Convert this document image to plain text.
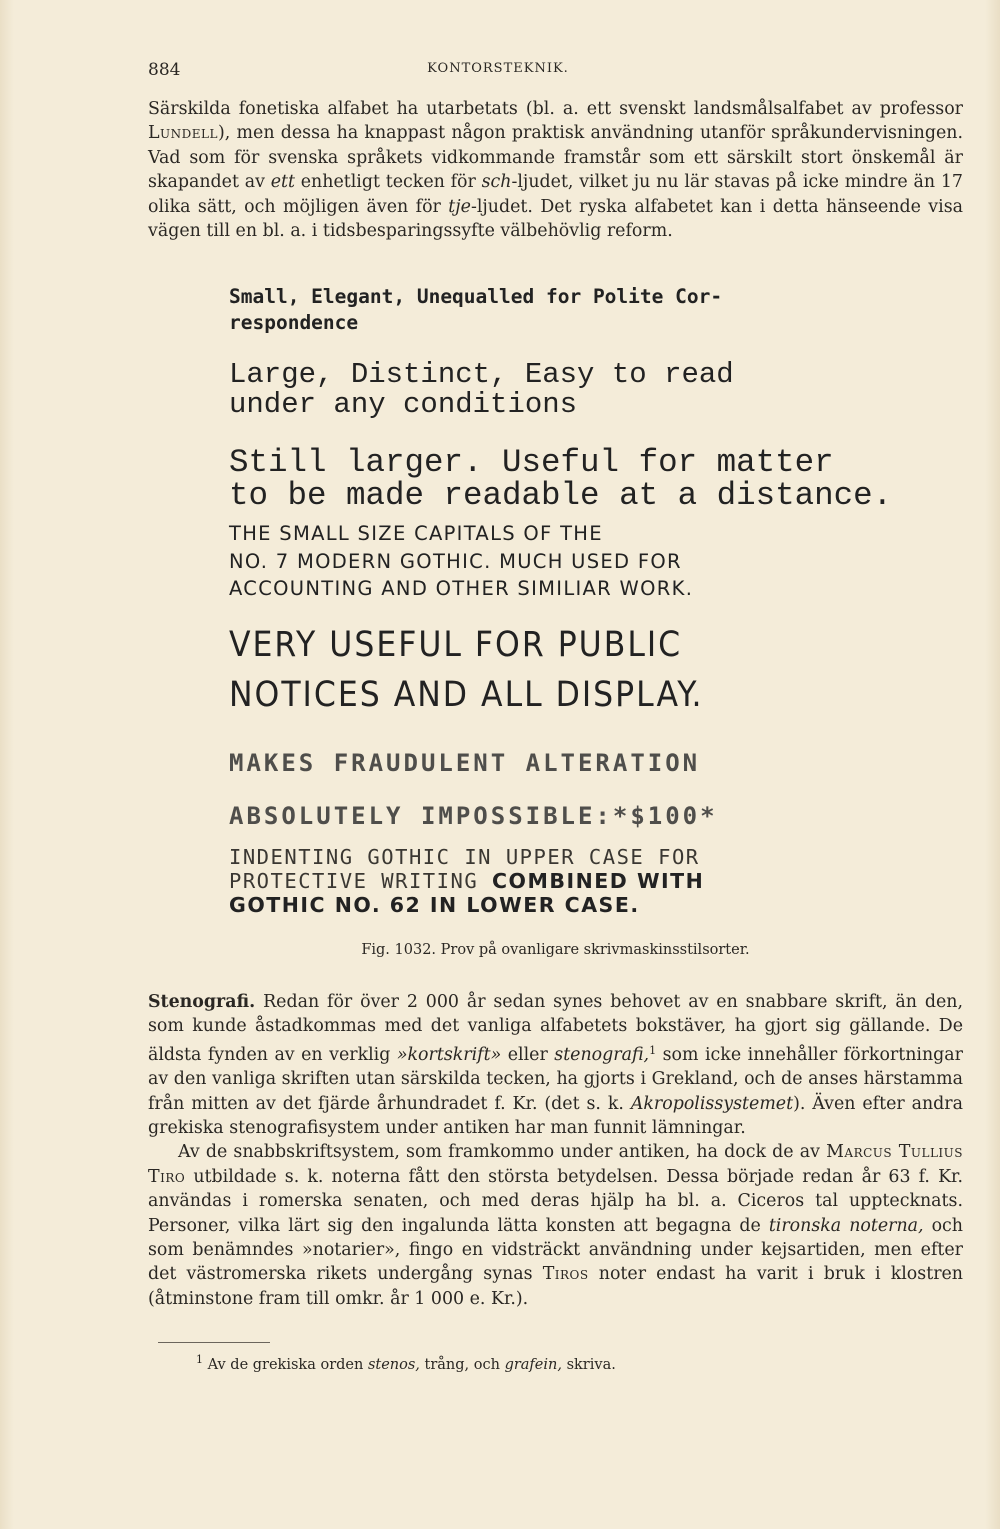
884	KONTORSTEKNIK.

Särskilda fonetiska alfabet ha utarbetats (bl. a. ett svenskt landsmålsalfabet av professor Lundell), men dessa ha knappast någon praktisk användning utanför språkundervisningen. Vad som för svenska språkets vidkommande framstår som ett särskilt stort önskemål är skapandet av ett enhetligt tecken för sch-ljudet, vilket ju nu lär stavas på icke mindre än 17 olika sätt, och möjligen även för tje-ljudet. Det ryska alfabetet kan i detta hänseende visa vägen till en bl. a. i tidsbesparingssyfte välbehövlig reform.

Small, Elegant, Unequalled for Polite Cor-
respondence
Large, Distinct, Easy to read
under any conditions
Still larger. Useful for matter
to be made readable at a distance.
THE SMALL SIZE CAPITALS OF THE
NO. 7 MODERN GOTHIC. MUCH USED FOR
ACCOUNTING AND OTHER SIMILIAR WORK.
VERY USEFUL FOR PUBLIC
NOTICES AND ALL DISPLAY.
MAKES FRAUDULENT ALTERATION
ABSOLUTELY IMPOSSIBLE:*$100*
INDENTING GOTHIC IN UPPER CASE FOR
PROTECTIVE WRITING COMBINED WITH
GOTHIC NO. 62 IN LOWER CASE.
Fig. 1032. Prov på ovanligare skrivmaskinsstilsorter.

Stenografi. Redan för över 2 000 år sedan synes behovet av en snabbare skrift, än den, som kunde åstadkommas med det vanliga alfabetets bokstäver, ha gjort sig gällande. De äldsta fynden av en verklig »kortskrift» eller stenografi,$^1$ som icke innehåller förkortningar av den vanliga skriften utan särskilda tecken, ha gjorts i Grekland, och de anses härstamma från mitten av det fjärde århundradet f. Kr. (det s. k. Akropolissystemet). Även efter andra grekiska stenografisystem under antiken har man funnit lämningar.

Av de snabbskriftsystem, som framkommo under antiken, ha dock de av Marcus Tullius Tiro utbildade s. k. noterna fått den största betydelsen. Dessa började redan år 63 f. Kr. användas i romerska senaten, och med deras hjälp ha bl. a. Ciceros tal upptecknats. Personer, vilka lärt sig den ingalunda lätta konsten att begagna de tironska noterna, och som benämndes »notarier», fingo en vidsträckt användning under kejsartiden, men efter det västromerska rikets undergång synas Tiros noter endast ha varit i bruk i klostren (åtminstone fram till omkr. år 1 000 e. Kr.).

$^1$ Av de grekiska orden stenos, trång, och grafein, skriva.
